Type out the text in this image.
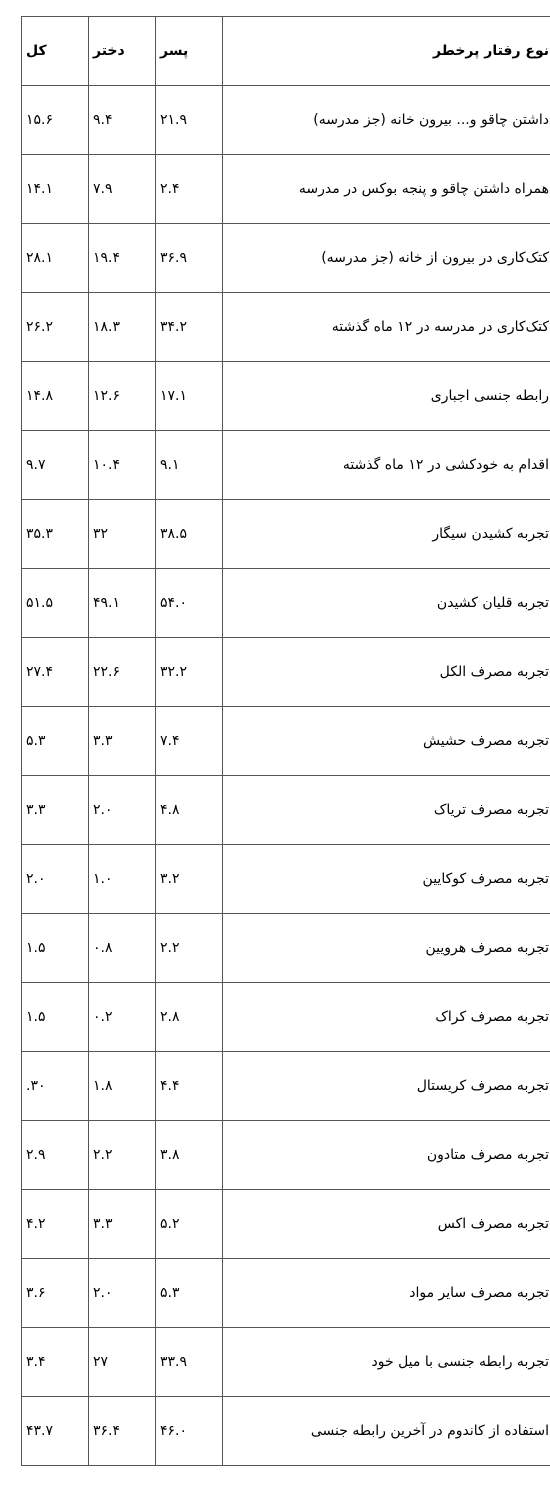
نوع رفتار پرخطر	پسر	دختر	کل
داشتن چاقو و... بیرون خانه (جز مدرسه)	۲۱.۹	۹.۴	۱۵.۶
همراه داشتن چاقو و پنجه بوکس در مدرسه	۲.۴	۷.۹	۱۴.۱
کتک‌کاری در بیرون از خانه (جز مدرسه)	۳۶.۹	۱۹.۴	۲۸.۱
کتک‌کاری در مدرسه در ۱۲ ماه گذشته	۳۴.۲	۱۸.۳	۲۶.۲
رابطه جنسی اجباری	۱۷.۱	۱۲.۶	۱۴.۸
اقدام به خودکشی در ۱۲ ماه گذشته	۹.۱	۱۰.۴	۹.۷
تجربه کشیدن سیگار	۳۸.۵	۳۲	۳۵.۳
تجربه قلیان کشیدن	۵۴.۰	۴۹.۱	۵۱.۵
تجربه مصرف الکل	۳۲.۲	۲۲.۶	۲۷.۴
تجربه مصرف حشیش	۷.۴	۳.۳	۵.۳
تجربه مصرف تریاک	۴.۸	۲.۰	۳.۳
تجربه مصرف کوکایین	۳.۲	۱.۰	۲.۰
تجربه مصرف هرویین	۲.۲	۰.۸	۱.۵
تجربه مصرف کراک	۲.۸	۰.۲	۱.۵
تجربه مصرف کریستال	۴.۴	۱.۸	.۳۰
تجربه مصرف متادون	۳.۸	۲.۲	۲.۹
تجربه مصرف اکس	۵.۲	۳.۳	۴.۲
تجربه مصرف سایر مواد	۵.۳	۲.۰	۳.۶
تجربه رابطه جنسی با میل خود	۳۳.۹	۲۷	۳.۴
استفاده از کاندوم در آخرین رابطه جنسی	۴۶.۰	۳۶.۴	۴۳.۷
